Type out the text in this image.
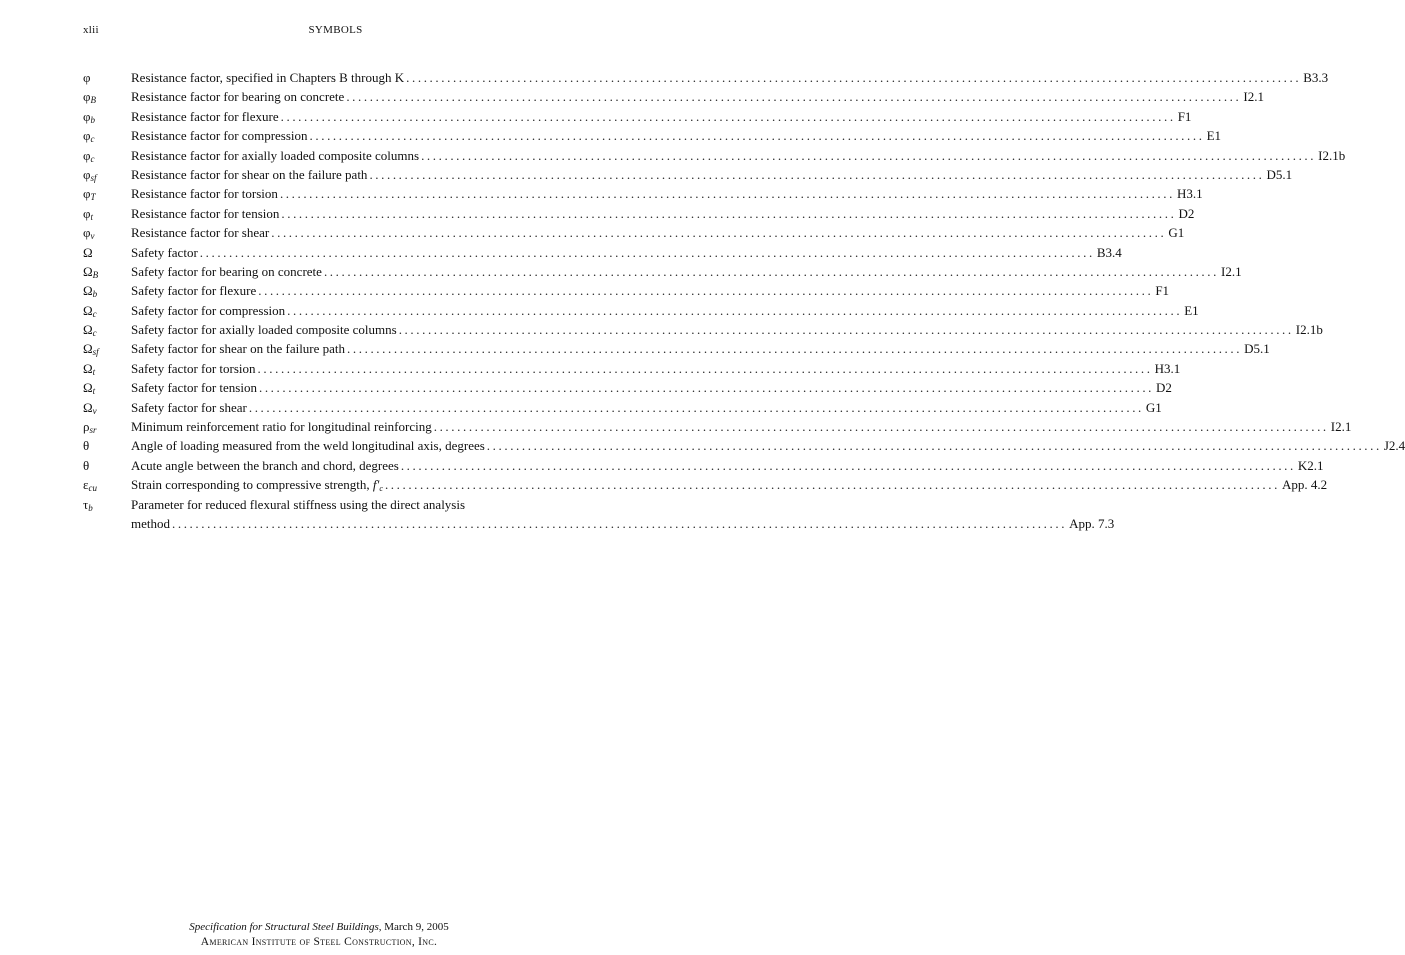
xlii	SYMBOLS
φ	Resistance factor, specified in Chapters B through K ......................................................................................................................................................... B3.3
$\varphi_B$	Resistance factor for bearing on concrete ......................................................................................................................................................... I2.1
$\varphi_b$	Resistance factor for flexure ......................................................................................................................................................... F1
$\varphi_c$	Resistance factor for compression ......................................................................................................................................................... E1
$\varphi_c$	Resistance factor for axially loaded composite columns ......................................................................................................................................................... I2.1b
$\varphi_{sf}$	Resistance factor for shear on the failure path ......................................................................................................................................................... D5.1
$\varphi_T$	Resistance factor for torsion ......................................................................................................................................................... H3.1
$\varphi_t$	Resistance factor for tension ......................................................................................................................................................... D2
$\varphi_v$	Resistance factor for shear ......................................................................................................................................................... G1
Ω	Safety factor ......................................................................................................................................................... B3.4
$\Omega_B$	Safety factor for bearing on concrete ......................................................................................................................................................... I2.1
$\Omega_b$	Safety factor for flexure ......................................................................................................................................................... F1
$\Omega_c$	Safety factor for compression ......................................................................................................................................................... E1
$\Omega_c$	Safety factor for axially loaded composite columns ......................................................................................................................................................... I2.1b
$\Omega_{sf}$ Safety factor for shear on the failure path ......................................................................................................................................................... D5.1
$\Omega_t$	Safety factor for torsion ......................................................................................................................................................... H3.1
$\Omega_t$	Safety factor for tension ......................................................................................................................................................... D2
$\Omega_v$	Safety factor for shear ......................................................................................................................................................... G1
$\rho_{sr}$	Minimum reinforcement ratio for longitudinal reinforcing ......................................................................................................................................................... I2.1
θ	Angle of loading measured from the weld longitudinal axis, degrees ......................................................................................................................................................... J2.4
θ	Acute angle between the branch and chord, degrees ......................................................................................................................................................... K2.1
$\varepsilon_{cu}$	Strain corresponding to compressive strength, $f'_c$ ......................................................................................................................................................... App. 4.2
$\tau_b$	Parameter for reduced flexural stiffness using the direct analysis
method ......................................................................................................................................................... App. 7.3
Specification for Structural Steel Buildings, March 9, 2005
American Institute of Steel Construction, Inc.
